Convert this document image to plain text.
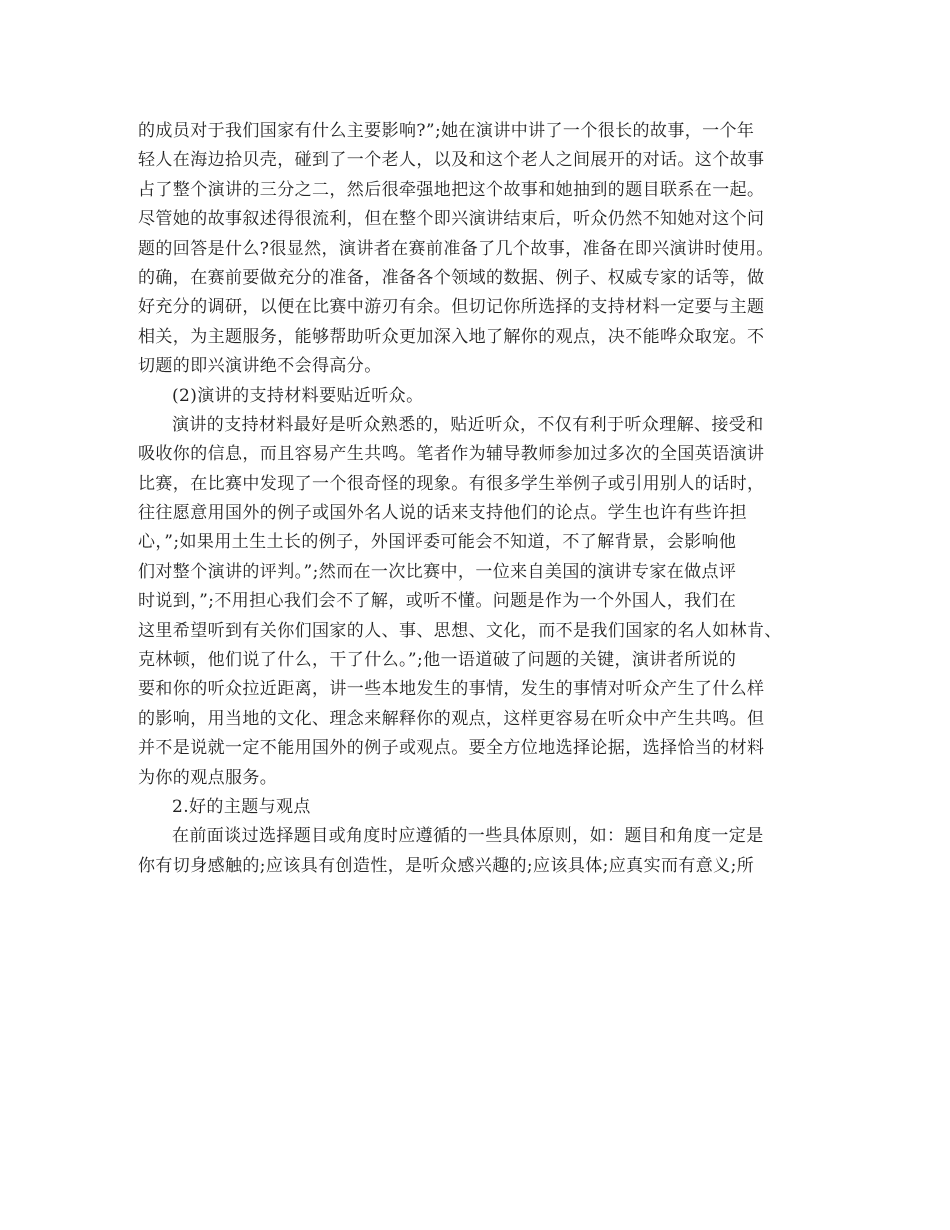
的成员对于我们国家有什么主要影响?”;她在演讲中讲了一个很长的故事，一个年
轻人在海边拾贝壳，碰到了一个老人，以及和这个老人之间展开的对话。这个故事
占了整个演讲的三分之二，然后很牵强地把这个故事和她抽到的题目联系在一起。
尽管她的故事叙述得很流利，但在整个即兴演讲结束后，听众仍然不知她对这个问
题的回答是什么?很显然，演讲者在赛前准备了几个故事，准备在即兴演讲时使用。
的确，在赛前要做充分的准备，准备各个领域的数据、例子、权威专家的话等，做
好充分的调研，以便在比赛中游刃有余。但切记你所选择的支持材料一定要与主题
相关，为主题服务，能够帮助听众更加深入地了解你的观点，决不能哗众取宠。不
切题的即兴演讲绝不会得高分。
(2)演讲的支持材料要贴近听众。
演讲的支持材料最好是听众熟悉的，贴近听众，不仅有利于听众理解、接受和
吸收你的信息，而且容易产生共鸣。笔者作为辅导教师参加过多次的全国英语演讲
比赛，在比赛中发现了一个很奇怪的现象。有很多学生举例子或引用别人的话时，
往往愿意用国外的例子或国外名人说的话来支持他们的论点。学生也许有些许担
心，”;如果用土生土长的例子，外国评委可能会不知道，不了解背景，会影响他
们对整个演讲的评判。”;然而在一次比赛中，一位来自美国的演讲专家在做点评
时说到，”;不用担心我们会不了解，或听不懂。问题是作为一个外国人，我们在
这里希望听到有关你们国家的人、事、思想、文化，而不是我们国家的名人如林肯、
克林顿，他们说了什么，干了什么。”;他一语道破了问题的关键，演讲者所说的
要和你的听众拉近距离，讲一些本地发生的事情，发生的事情对听众产生了什么样
的影响，用当地的文化、理念来解释你的观点，这样更容易在听众中产生共鸣。但
并不是说就一定不能用国外的例子或观点。要全方位地选择论据，选择恰当的材料
为你的观点服务。
2.好的主题与观点
在前面谈过选择题目或角度时应遵循的一些具体原则，如：题目和角度一定是
你有切身感触的;应该具有创造性，是听众感兴趣的;应该具体;应真实而有意义;所
